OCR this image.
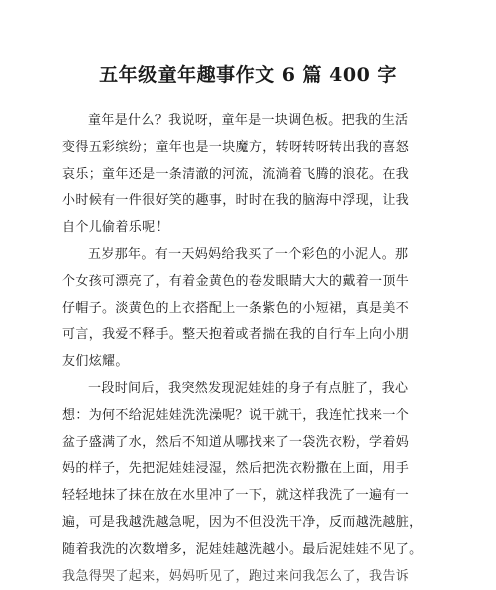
五年级童年趣事作文 6 篇 400 字
童年是什么？我说呀，童年是一块调色板。把我的生活
变得五彩缤纷；童年也是一块魔方，转呀转呀转出我的喜怒
哀乐；童年还是一条清澈的河流，流淌着飞腾的浪花。在我
小时候有一件很好笑的趣事，时时在我的脑海中浮现，让我
自个儿偷着乐呢！
五岁那年。有一天妈妈给我买了一个彩色的小泥人。那
个女孩可漂亮了，有着金黄色的卷发眼睛大大的戴着一顶牛
仔帽子。淡黄色的上衣搭配上一条紫色的小短裙，真是美不
可言，我爱不释手。整天抱着或者揣在我的自行车上向小朋
友们炫耀。
一段时间后，我突然发现泥娃娃的身子有点脏了，我心
想：为何不给泥娃娃洗洗澡呢？说干就干，我连忙找来一个
盆子盛满了水，然后不知道从哪找来了一袋洗衣粉，学着妈
妈的样子，先把泥娃娃浸湿，然后把洗衣粉撒在上面，用手
轻轻地抹了抹在放在水里冲了一下，就这样我洗了一遍有一
遍，可是我越洗越急呢，因为不但没洗干净，反而越洗越脏，
随着我洗的次数增多，泥娃娃越洗越小。最后泥娃娃不见了。
我急得哭了起来，妈妈听见了，跑过来问我怎么了，我告诉
